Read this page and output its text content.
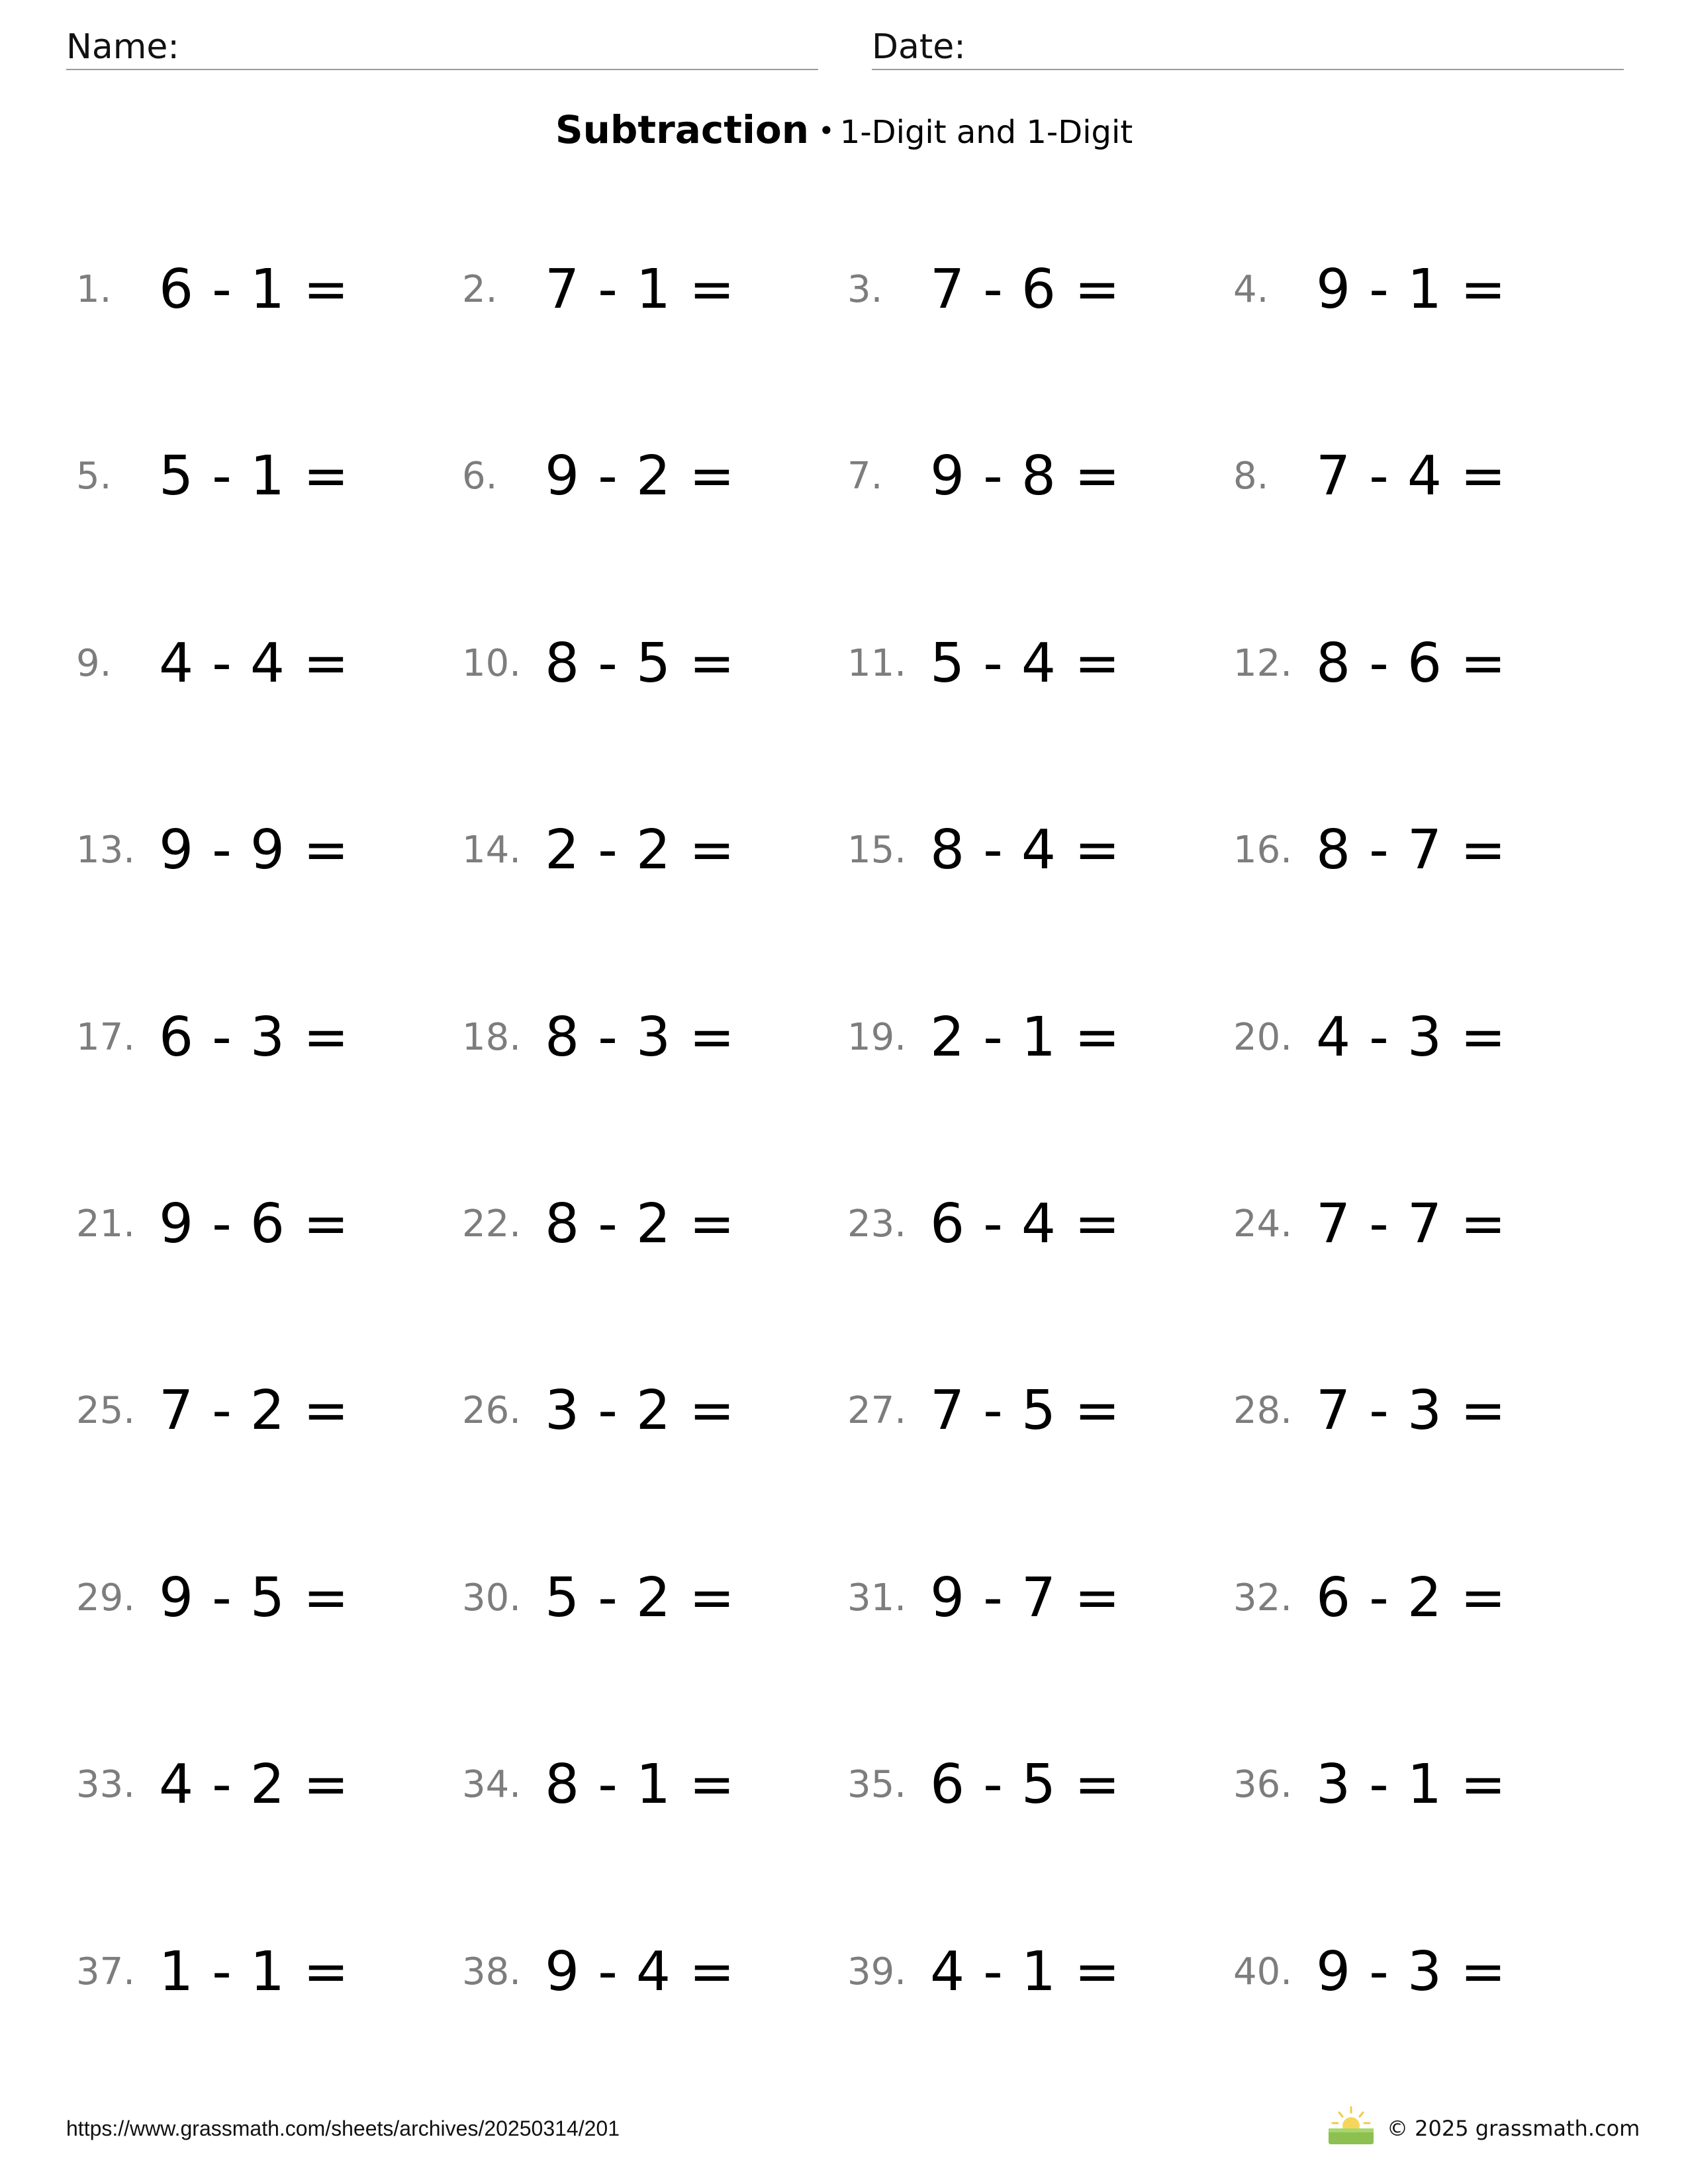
Name:	Date:
Subtraction • 1-Digit and 1-Digit
1. 6 - 1 =	2. 7 - 1 =	3. 7 - 6 =	4. 9 - 1 =
5. 5 - 1 =	6. 9 - 2 =	7. 9 - 8 =	8. 7 - 4 =
9. 4 - 4 =	10. 8 - 5 =	11. 5 - 4 =	12. 8 - 6 =
13. 9 - 9 =	14. 2 - 2 =	15. 8 - 4 =	16. 8 - 7 =
17. 6 - 3 =	18. 8 - 3 =	19. 2 - 1 =	20. 4 - 3 =
21. 9 - 6 =	22. 8 - 2 =	23. 6 - 4 =	24. 7 - 7 =
25. 7 - 2 =	26. 3 - 2 =	27. 7 - 5 =	28. 7 - 3 =
29. 9 - 5 =	30. 5 - 2 =	31. 9 - 7 =	32. 6 - 2 =
33. 4 - 2 =	34. 8 - 1 =	35. 6 - 5 =	36. 3 - 1 =
37. 1 - 1 =	38. 9 - 4 =	39. 4 - 1 =	40. 9 - 3 =
https://www.grassmath.com/sheets/archives/20250314/201	© 2025 grassmath.com
